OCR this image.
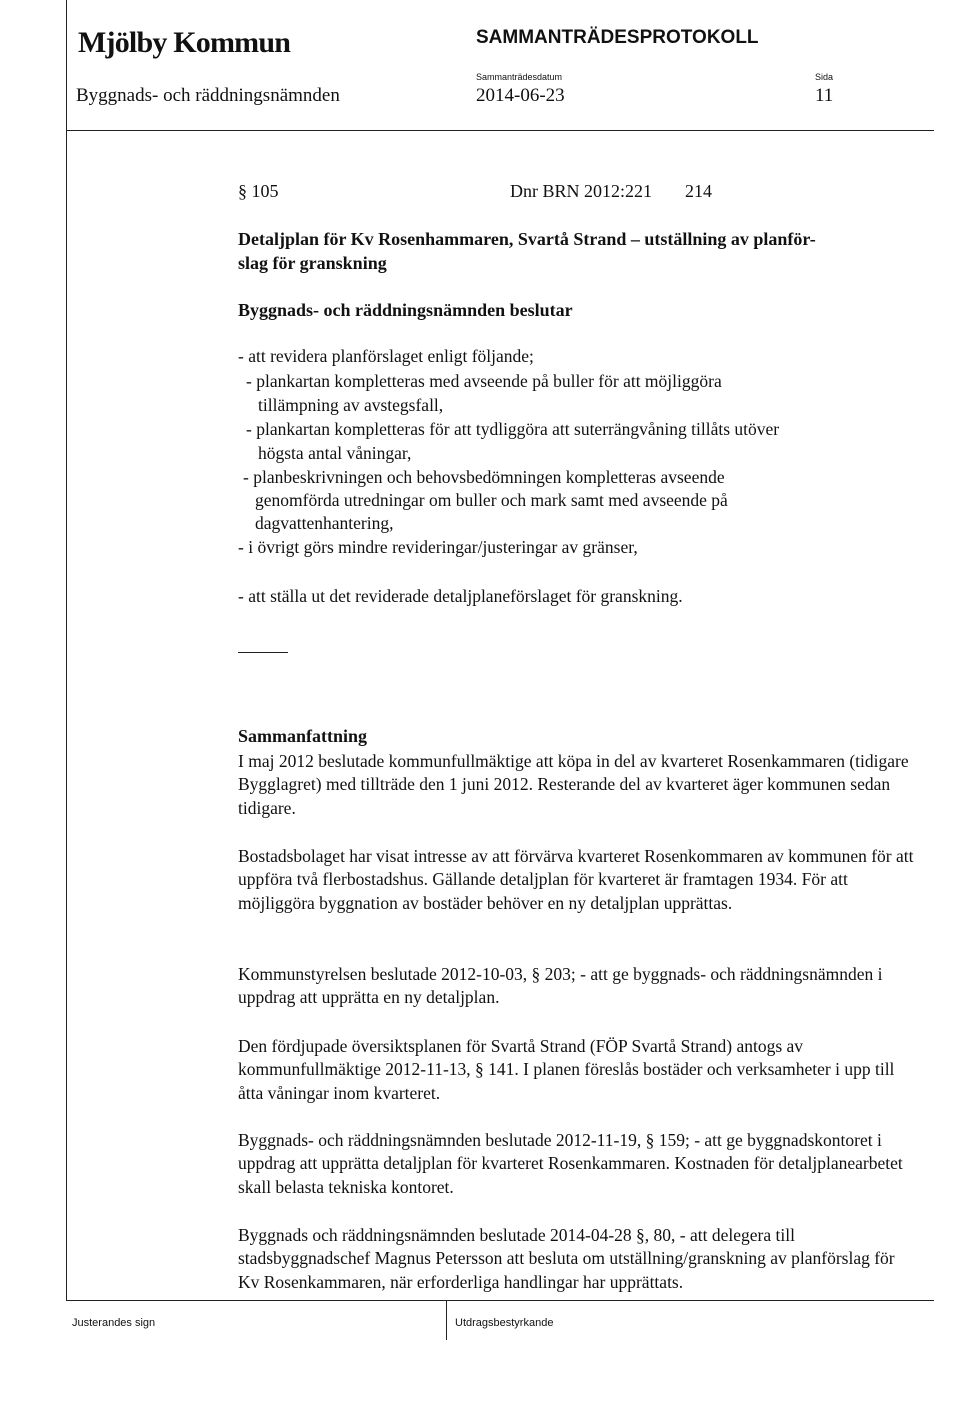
Mjölby Kommun	SAMMANTRÄDESPROTOKOLL
Sammanträdesdatum	Sida
Byggnads- och räddningsnämnden	2014-06-23	11
§ 105	Dnr BRN 2012:221 214
Detaljplan för Kv Rosenhammaren, Svartå Strand – utställning av planför-
slag för granskning
Byggnads- och räddningsnämnden beslutar
- att revidera planförslaget enligt följande;
- plankartan kompletteras med avseende på buller för att möjliggöra
tillämpning av avstegsfall,
- plankartan kompletteras för att tydliggöra att suterrängvåning tillåts utöver
högsta antal våningar,
- planbeskrivningen och behovsbedömningen kompletteras avseende
genomförda utredningar om buller och mark samt med avseende på
dagvattenhantering,
- i övrigt görs mindre revideringar/justeringar av gränser,
- att ställa ut det reviderade detaljplaneförslaget för granskning.
Sammanfattning
I maj 2012 beslutade kommunfullmäktige att köpa in del av kvarteret Rosenkammaren (tidigare Bygglagret) med tillträde den 1 juni 2012. Resterande del av kvarteret äger kommunen sedan tidigare.
Bostadsbolaget har visat intresse av att förvärva kvarteret Rosenkommaren av kommunen för att uppföra två flerbostadshus. Gällande detaljplan för kvarteret är framtagen 1934. För att möjliggöra byggnation av bostäder behöver en ny detaljplan upprättas.
Kommunstyrelsen beslutade 2012-10-03, § 203; - att ge byggnads- och räddningsnämnden i uppdrag att upprätta en ny detaljplan.
Den fördjupade översiktsplanen för Svartå Strand (FÖP Svartå Strand) antogs av kommunfullmäktige 2012-11-13, § 141. I planen föreslås bostäder och verksamheter i upp till åtta våningar inom kvarteret.
Byggnads- och räddningsnämnden beslutade 2012-11-19, § 159; - att ge byggnadskontoret i uppdrag att upprätta detaljplan för kvarteret Rosenkammaren. Kostnaden för detaljplanearbetet skall belasta tekniska kontoret.
Byggnads och räddningsnämnden beslutade 2014-04-28 §, 80, - att delegera till stadsbyggnadschef Magnus Petersson att besluta om utställning/granskning av planförslag för Kv Rosenkammaren, när erforderliga handlingar har upprättats.
Justerandes sign	Utdragsbestyrkande
